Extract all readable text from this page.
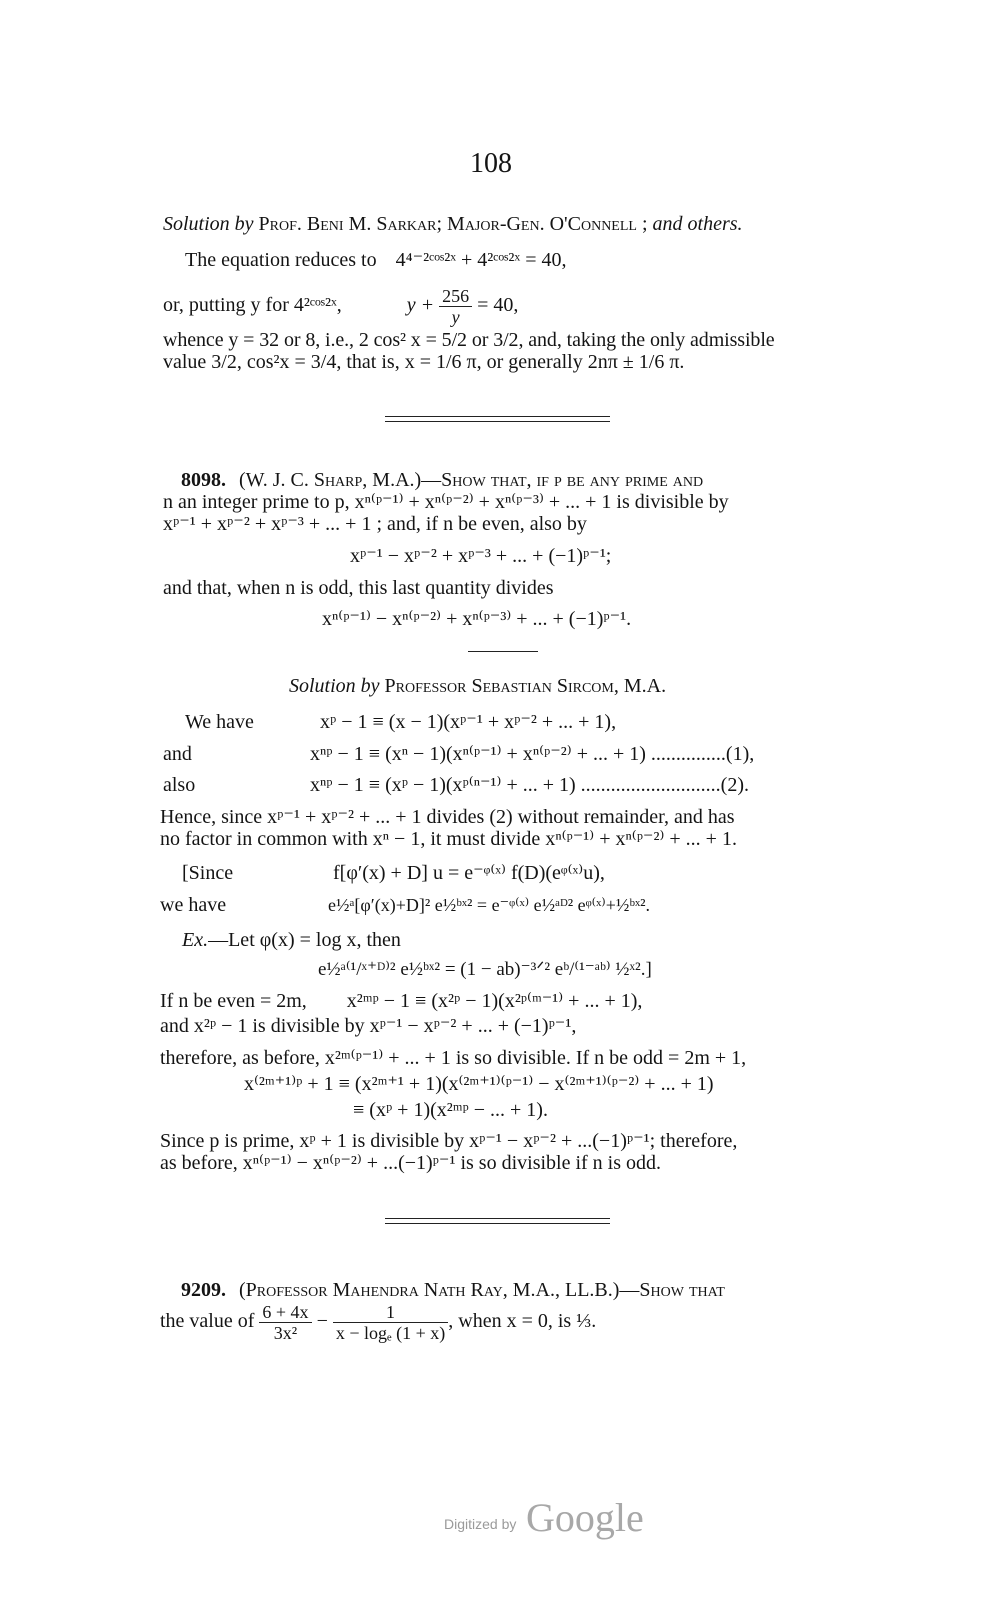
108
Solution by Prof. Beni M. Sarkar; Major-Gen. O'Connell ; and others.
The equation reduces to 4⁴⁻²ᶜᵒˢ²ˣ + 4²ᶜᵒˢ²ˣ = 40,
or, putting y for 4²ᶜᵒˢ²ˣ,	$y + \frac{256}{y} = 40$,
whence y = 32 or 8, i.e., 2 cos² x = 5/2 or 3/2, and, taking the only admissible
value 3/2, cos²x = 3/4, that is, x = 1/6 π, or generally 2nπ ± 1/6 π.
8098. (W. J. C. Sharp, M.A.)—Show that, if p be any prime and
n an integer prime to p, xⁿ⁽ᵖ⁻¹⁾ + xⁿ⁽ᵖ⁻²⁾ + xⁿ⁽ᵖ⁻³⁾ + ... + 1 is divisible by
xᵖ⁻¹ + xᵖ⁻² + xᵖ⁻³ + ... + 1 ; and, if n be even, also by
xᵖ⁻¹ − xᵖ⁻² + xᵖ⁻³ + ... + (−1)ᵖ⁻¹;
and that, when n is odd, this last quantity divides
xⁿ⁽ᵖ⁻¹⁾ − xⁿ⁽ᵖ⁻²⁾ + xⁿ⁽ᵖ⁻³⁾ + ... + (−1)ᵖ⁻¹.
Solution by Professor Sebastian Sircom, M.A.
We have	xᵖ − 1 ≡ (x − 1)(xᵖ⁻¹ + xᵖ⁻² + ... + 1),
and	xⁿᵖ − 1 ≡ (xⁿ − 1)(xⁿ⁽ᵖ⁻¹⁾ + xⁿ⁽ᵖ⁻²⁾ + ... + 1) ...............(1),
also	xⁿᵖ − 1 ≡ (xᵖ − 1)(xᵖ⁽ⁿ⁻¹⁾ + ... + 1) ............................(2).
Hence, since xᵖ⁻¹ + xᵖ⁻² + ... + 1 divides (2) without remainder, and has
no factor in common with xⁿ − 1, it must divide xⁿ⁽ᵖ⁻¹⁾ + xⁿ⁽ᵖ⁻²⁾ + ... + 1.
[Since	f[φ′(x) + D] u = e⁻ᵠ⁽ˣ⁾ f(D)(eᵠ⁽ˣ⁾u),
we have	e½ᵃ[φ′(x)+D]² e½ᵇˣ² = e⁻ᵠ⁽ˣ⁾ e½ᵃᴰ² eᵠ⁽ˣ⁾+½ᵇˣ².
Ex.—Let φ(x) = log x, then
e½ᵃ⁽¹/ˣ⁺ᴰ⁾² e½ᵇˣ² = (1 − ab)⁻³ᐟ² eᵇ/⁽¹⁻ᵃᵇ⁾ ½ˣ².]
If n be even = 2m,        x²ᵐᵖ − 1 ≡ (x²ᵖ − 1)(x²ᵖ⁽ᵐ⁻¹⁾ + ... + 1),
and x²ᵖ − 1 is divisible by xᵖ⁻¹ − xᵖ⁻² + ... + (−1)ᵖ⁻¹,
therefore, as before, x²ᵐ⁽ᵖ⁻¹⁾ + ... + 1 is so divisible. If n be odd = 2m + 1,
x⁽²ᵐ⁺¹⁾ᵖ + 1 ≡ (x²ᵐ⁺¹ + 1)(x⁽²ᵐ⁺¹⁾⁽ᵖ⁻¹⁾ − x⁽²ᵐ⁺¹⁾⁽ᵖ⁻²⁾ + ... + 1)
≡ (xᵖ + 1)(x²ᵐᵖ − ... + 1).
Since p is prime, xᵖ + 1 is divisible by xᵖ⁻¹ − xᵖ⁻² + ...(−1)ᵖ⁻¹; therefore,
as before, xⁿ⁽ᵖ⁻¹⁾ − xⁿ⁽ᵖ⁻²⁾ + ...(−1)ᵖ⁻¹ is so divisible if n is odd.
9209. (Professor Mahendra Nath Ray, M.A., LL.B.)—Show that
the value of $\frac{6 + 4x}{\text{3x²}} - \frac{1}{\text{x − logₑ (1 + x)}}$ , when x = 0, is ⅓.
Digitized by Google
